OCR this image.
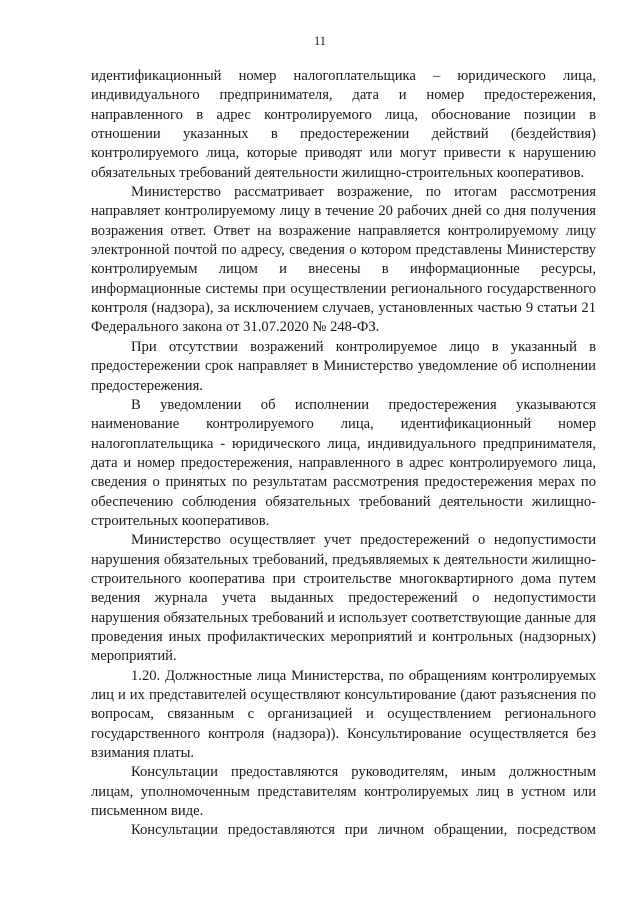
11
идентификационный номер налогоплательщика – юридического лица,
индивидуального предпринимателя, дата и номер предостережения,
направленного в адрес контролируемого лица, обоснование позиции в
отношении указанных в предостережении действий (бездействия)
контролируемого лица, которые приводят или могут привести к нарушению
обязательных требований деятельности жилищно-строительных кооперативов.
Министерство рассматривает возражение, по итогам рассмотрения
направляет контролируемому лицу в течение 20 рабочих дней со дня получения
возражения ответ. Ответ на возражение направляется контролируемому лицу
электронной почтой по адресу, сведения о котором представлены Министерству
контролируемым лицом и внесены в информационные ресурсы,
информационные системы при осуществлении регионального государственного
контроля (надзора), за исключением случаев, установленных частью 9 статьи 21
Федерального закона от 31.07.2020 № 248-ФЗ.
При отсутствии возражений контролируемое лицо в указанный в
предостережении срок направляет в Министерство уведомление об исполнении
предостережения.
В уведомлении об исполнении предостережения указываются
наименование контролируемого лица, идентификационный номер
налогоплательщика - юридического лица, индивидуального предпринимателя,
дата и номер предостережения, направленного в адрес контролируемого лица,
сведения о принятых по результатам рассмотрения предостережения мерах по
обеспечению соблюдения обязательных требований деятельности жилищно-
строительных кооперативов.
Министерство осуществляет учет предостережений о недопустимости
нарушения обязательных требований, предъявляемых к деятельности жилищно-
строительного кооператива при строительстве многоквартирного дома путем
ведения журнала учета выданных предостережений о недопустимости
нарушения обязательных требований и использует соответствующие данные для
проведения иных профилактических мероприятий и контрольных (надзорных)
мероприятий.
1.20. Должностные лица Министерства, по обращениям контролируемых
лиц и их представителей осуществляют консультирование (дают разъяснения по
вопросам, связанным с организацией и осуществлением регионального
государственного контроля (надзора)). Консультирование осуществляется без
взимания платы.
Консультации предоставляются руководителям, иным должностным
лицам, уполномоченным представителям контролируемых лиц в устном или
письменном виде.
Консультации предоставляются при личном обращении, посредством
